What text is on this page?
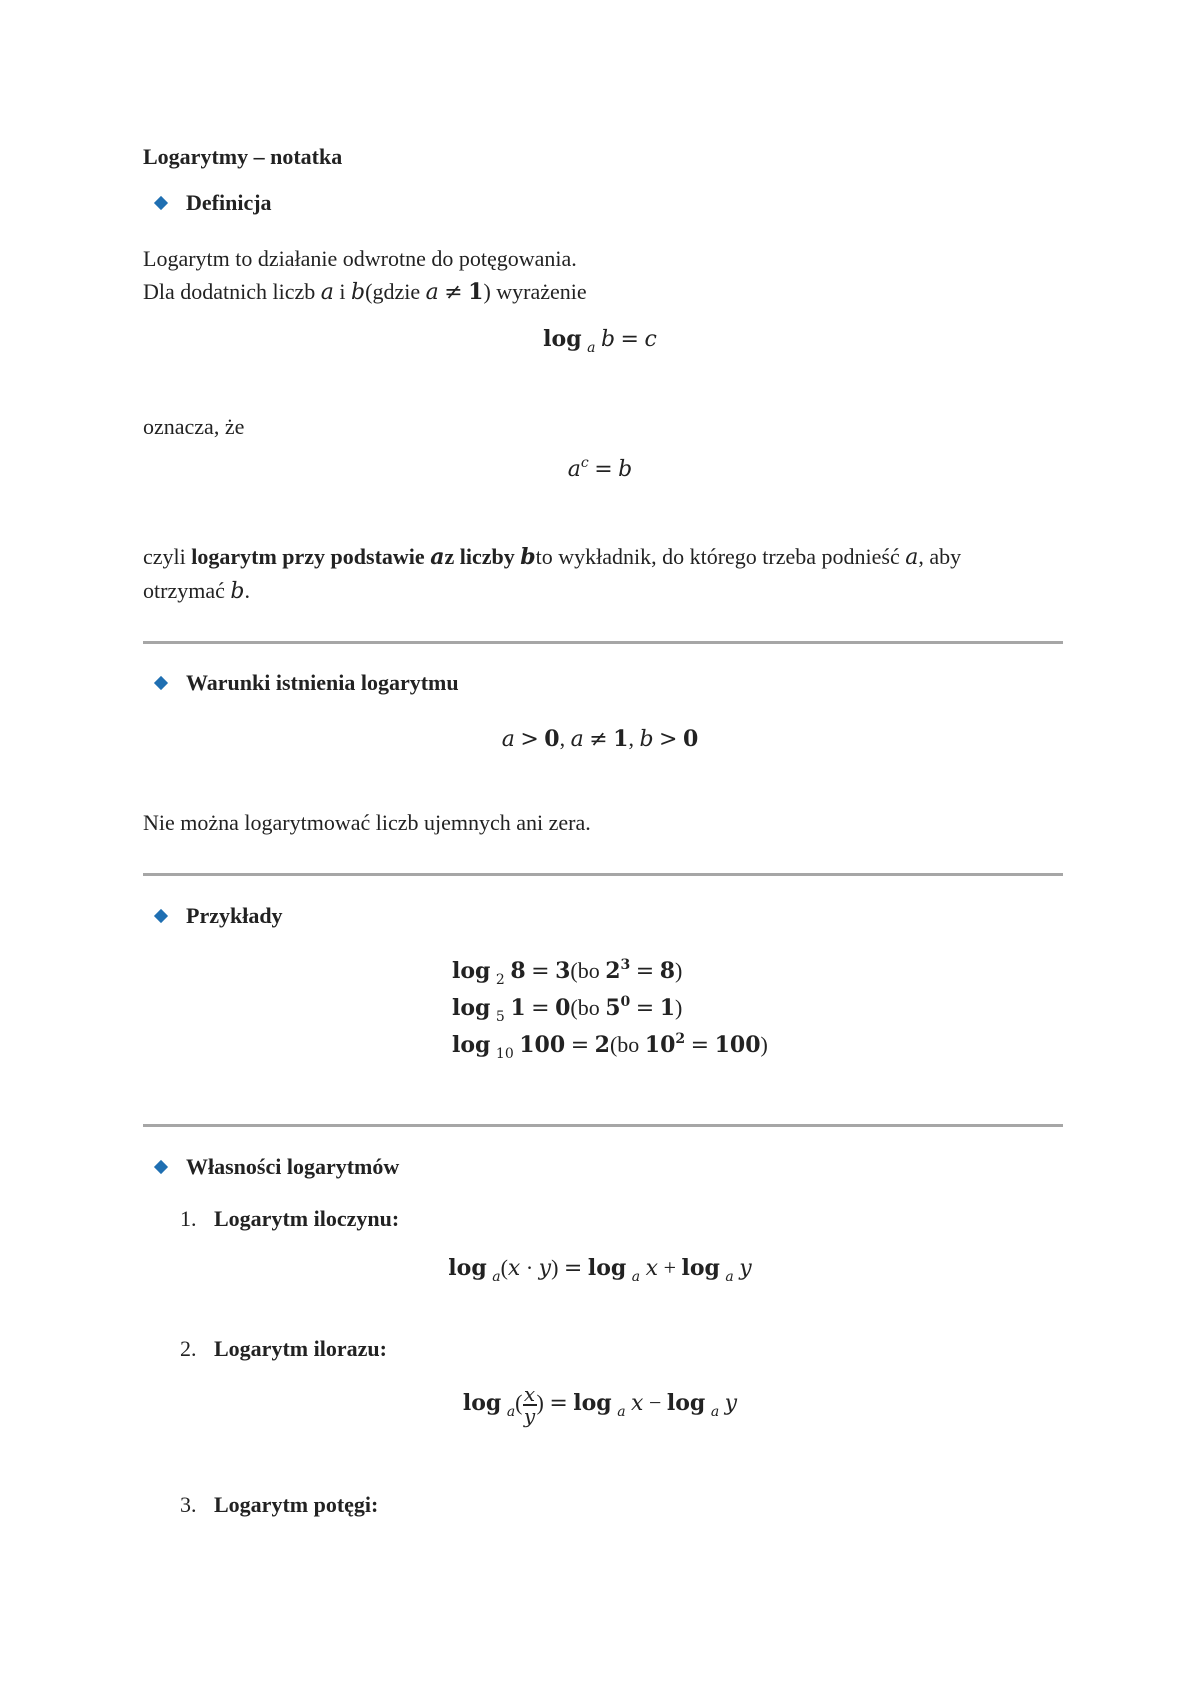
Logarytmy – notatka
Definicja
Logarytm to działanie odwrotne do potęgowania.
Dla dodatnich liczb a i b(gdzie a ≠ 1) wyrażenie
log $_a$ b = c
oznacza, że
$a^c = b$
czyli logarytm przy podstawie az liczby bto wykładnik, do którego trzeba podnieść a, aby
otrzymać b.
Warunki istnienia logarytmu
a > 0, a ≠ 1, b > 0
Nie można logarytmować liczb ujemnych ani zera.
Przykłady
log $_2$ 8 = 3(bo $2^3 = 8$)
log $_5$ 1 = 0(bo $5^0 = 1$)
log $_{10}$ 100 = 2(bo $10^2 = 100$)
Własności logarytmów
1. Logarytm iloczynu:
log $_a$(x · y) = log $_a$ x + log $_a$ y
2. Logarytm ilorazu:
$\log _a( \frac{x}{y}$ ) = log $_a$ x − log $_a$ y
3. Logarytm potęgi:
